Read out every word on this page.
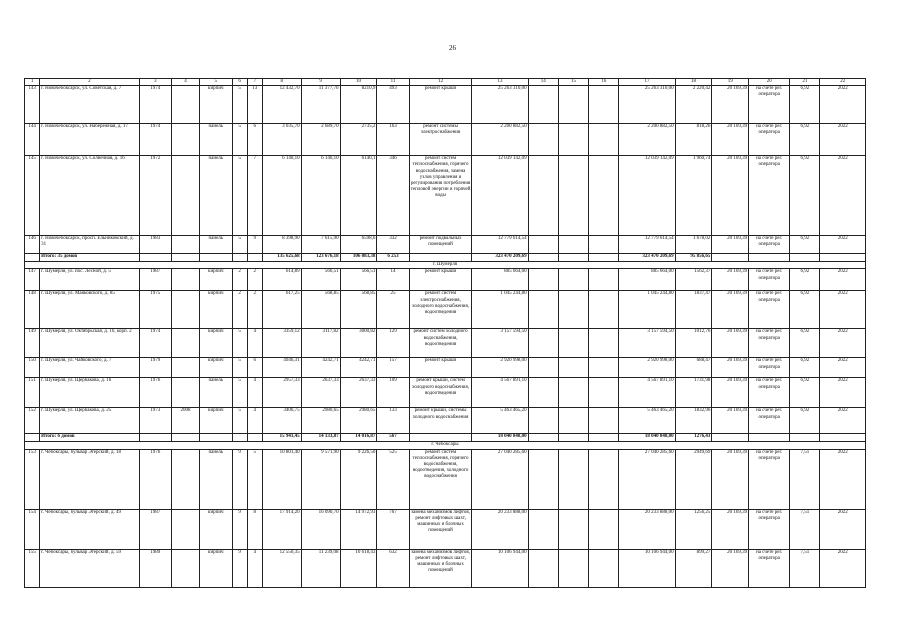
26
1	2	3	4	5	6	7	8	9	10	11	12	13	14	15	16	17	18	19	20	21	22
143	г. Новочебоксарск, ул. Советская, д. 7	1974		кирпич	5	13	12 432,70	11 377,70	8210,9	493	ремонт крыши	25 263 310,00				25 263 310,00	2 220,42	20 169,39	на счете рег. оператора	6,92	2022
144	г. Новочебоксарск, ул. Набережная, д. 17	1974		панель	5	6	3 035,70	2 689,70	2735,2	163	ремонт системы электроснабжения	2 200 882,50				2 200 882,50	818,26	20 169,39	на счете рег. оператора	6,92	2022
145	г. Новочебоксарск, ул. Солнечная, д. 16	1972		панель	5	7	6 140,10	6 140,10	6140,1	346	ремонт систем теплоснабжения, горячего водоснабжения, замена узлов управления и регулирования потребления тепловой энергии и горячей воды	12 039 142,09				12 039 142,09	1 960,74	20 169,39	на счете рег. оператора	6,92	2022
146	г. Новочебоксарск, просп. Ельниковский, д. 31	1983		панель	5	9	8 398,90	7 615,90	6598,6	332	ремонт подвальных помещений	12 779 614,54				12 779 614,54	1 678,02	20 169,39	на счете рег. оператора	6,92	2022
	Итого: 35 домов						135 625,68	123 676,18	106 083,38	6 253		323 470 209,69				323 470 209,69	95 856,65				
г. Шумерля																					
147	г. Шумерля, ул. пос. Лесной, д. 5	1987		кирпич	2	2	614,89	566,51	566,51	14	ремонт крыши	885 664,00				885 664,00	1562,37	20 169,39	на счете рег. оператора	6,92	2022
148	г. Шумерля, ул. Маяковского, д. 85	1975		кирпич	2	2	617,25	568,85	568,85	25	ремонт систем электроснабжения, холодного водоснабжения, водоотведения	1 045 244,80				1 045 244,80	1837,47	20 169,39	на счете рег. оператора	6,92	2022
149	г. Шумерля, ул. Октябрьская, д. 16, корп. 2	1974		кирпич	5	4	3359,12	3117,82	3000,82	129	ремонт систем холодного водоснабжения, водоотведения	3 157 594,50				3 157 594,50	1012,76	20 169,39	на счете рег. оператора	6,92	2022
150	г. Шумерля, ул. Чайковского, д. 7	1979		кирпич	5	6	4946,31	4242,71	4242,71	157	ремонт крыши	2 920 998,00				2 920 998,00	688,47	20 169,39	на счете рег. оператора	6,92	2022
151	г. Шумерля, ул. Щербакова, д. 16	1976		панель	5	4	2957,33	2637,33	2637,33	109	ремонт крыши, систем холодного водоснабжения, водоотведения	4 567 891,10				4 567 891,10	1731,98	20 169,39	на счете рег. оператора	6,92	2022
152	г. Шумерля, ул. Щербакова, д. 25	1973	2008	кирпич	5	4	3406,75	2980,65	2980,65	133	ремонт крыши, системы холодного водоснабжения	5 463 465,20				5 463 465,20	1832,96	20 169,39	на счете рег. оператора	6,92	2022
	Итого: 6 домов						15 941,45	14 133,87	14 016,87	567		18 040 848,00				18 040 848,00	1276,43				
г. Чебоксары																					
153	г. Чебоксары, бульвар Эгерский, д. 18	1976		панель	9	5	10 801,40	9 571,90	9 226,50	525	ремонт систем теплоснабжения, горячего водоснабжения, водоотведения, холодного водоснабжения	27 040 285,60				27 040 285,60	2949,69	20 169,39	на счете рег. оператора	7,51	2022
154	г. Чебоксары, бульвар Эгерский, д. 49	1987		кирпич	9	8	17 914,20	16 090,70	14 972,93	767	замена механизмов лифтов, ремонт лифтовых шахт, машинных и блочных помещений	20 233 888,00				20 233 888,00	1256,25	20 169,39	на счете рег. оператора	7,51	2022
155	г. Чебоксары, бульвар Эгерский, д. 59	1989		кирпич	9	4	12 550,35	11 239,08	10 618,43	632	замена механизмов лифтов, ремонт лифтовых шахт, машинных и блочных помещений	10 106 944,00				10 106 944,00	899,27	20 169,39	на счете рег. оператора	7,51	2022
